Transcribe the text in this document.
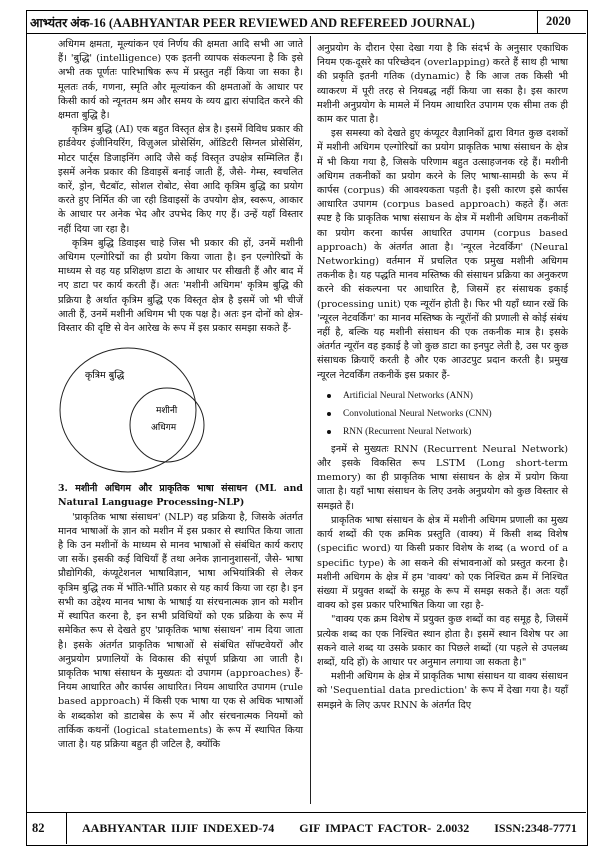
आभ्यंतर अंक-16 (AABHYANTAR PEER REVIEWED AND REFEREED JOURNAL)	2020

अधिगम क्षमता, मूल्यांकन एवं निर्णय की क्षमता आदि सभी आ जाते हैं। 'बुद्धि' (intelligence) एक इतनी व्यापक संकल्पना है कि इसे अभी तक पूर्णतः पारिभाषिक रूप में प्रस्तुत नहीं किया जा सका है। मूलतः तर्क, गणना, स्मृति और मूल्यांकन की क्षमताओं के आधार पर किसी कार्य को न्यूनतम श्रम और समय के व्यय द्वारा संपादित करने की क्षमता बुद्धि है।

कृत्रिम बुद्धि (AI) एक बहुत विस्तृत क्षेत्र है। इसमें विविध प्रकार की हार्डवेयर इंजीनियरिंग, विज़ुअल प्रोसेसिंग, ऑडिटरी सिग्नल प्रोसेसिंग, मोटर पार्ट्स डिजाइनिंग आदि जैसे कई विस्तृत उपक्षेत्र सम्मिलित हैं। इसमें अनेक प्रकार की डिवाइसें बनाई जाती हैं, जैसे- गेम्स, स्वचलित कारें, ड्रोन, चैटबॉट, सोशल रोबोट, सेवा आदि कृत्रिम बुद्धि का प्रयोग करते हुए निर्मित की जा रही डिवाइसों के उपयोग क्षेत्र, स्वरूप, आकार के आधार पर अनेक भेद और उपभेद किए गए हैं। उन्हें यहाँ विस्तार नहीं दिया जा रहा है।

कृत्रिम बुद्धि डिवाइस चाहे जिस भी प्रकार की हों, उनमें मशीनी अधिगम एल्गोरिद्मों का ही प्रयोग किया जाता है। इन एल्गोरिद्मों के माध्यम से वह यह प्रशिक्षण डाटा के आधार पर सीखती हैं और बाद में नए डाटा पर कार्य करती हैं। अतः 'मशीनी अधिगम' कृत्रिम बुद्धि की प्रक्रिया है अर्थात कृत्रिम बुद्धि एक विस्तृत क्षेत्र है इसमें जो भी चीजें आती हैं, उनमें मशीनी अधिगम भी एक पक्ष है। अतः इन दोनों को क्षेत्र-विस्तार की दृष्टि से वेन आरेख के रूप में इस प्रकार समझा सकते हैं-

कृत्रिम बुद्धि
मशीनी
अधिगम

3. मशीनी अधिगम और प्राकृतिक भाषा संसाधन (ML and Natural Language Processing-NLP)

'प्राकृतिक भाषा संसाधन' (NLP) वह प्रक्रिया है, जिसके अंतर्गत मानव भाषाओं के ज्ञान को मशीन में इस प्रकार से स्थापित किया जाता है कि उन मशीनों के माध्यम से मानव भाषाओं से संबंधित कार्य कराए जा सकें। इसकी कई विधियाँ हैं तथा अनेक ज्ञानानुशासनों, जैसे- भाषा प्रौद्योगिकी, कंप्यूटेशनल भाषाविज्ञान, भाषा अभियांत्रिकी से लेकर कृत्रिम बुद्धि तक में भाँति-भाँति प्रकार से यह कार्य किया जा रहा है। इन सभी का उद्देश्य मानव भाषा के भाषाई या संरचनात्मक ज्ञान को मशीन में स्थापित करना है, इन सभी प्रविधियों को एक प्रक्रिया के रूप में समेकित रूप से देखते हुए 'प्राकृतिक भाषा संसाधन' नाम दिया जाता है। इसके अंतर्गत प्राकृतिक भाषाओं से संबंधित सॉफ्टवेयरों और अनुप्रयोग प्रणालियों के विकास की संपूर्ण प्रक्रिया आ जाती है। प्राकृतिक भाषा संसाधन के मुख्यतः दो उपागम (approaches) हैं- नियम आधारित और कार्पस आधारित। नियम आधारित उपागम (rule based approach) में किसी एक भाषा या एक से अधिक भाषाओं के शब्दकोश को डाटाबेस के रूप में और संरचनात्मक नियमों को तार्किक कथनों (logical statements) के रूप में स्थापित किया जाता है। यह प्रक्रिया बहुत ही जटिल है, क्योंकि

अनुप्रयोग के दौरान ऐसा देखा गया है कि संदर्भ के अनुसार एकाधिक नियम एक-दूसरे का परिच्छेदन (overlapping) करते हैं साथ ही भाषा की प्रकृति इतनी गतिक (dynamic) है कि आज तक किसी भी व्याकरण में पूरी तरह से नियबद्ध नहीं किया जा सका है। इस कारण मशीनी अनुप्रयोग के मामले में नियम आधारित उपागम एक सीमा तक ही काम कर पाता है।

इस समस्या को देखते हुए कंप्यूटर वैज्ञानिकों द्वारा विगत कुछ दशकों में मशीनी अधिगम एल्गोरिद्मों का प्रयोग प्राकृतिक भाषा संसाधन के क्षेत्र में भी किया गया है, जिसके परिणाम बहुत उत्साहजनक रहे हैं। मशीनी अधिगम तकनीकों का प्रयोग करने के लिए भाषा-सामग्री के रूप में कार्पस (corpus) की आवश्यकता पड़ती है। इसी कारण इसे कार्पस आधारित उपागम (corpus based approach) कहते हैं। अतः स्पष्ट है कि प्राकृतिक भाषा संसाधन के क्षेत्र में मशीनी अधिगम तकनीकों का प्रयोग करना कार्पस आधारित उपागम (corpus based approach) के अंतर्गत आता है। 'न्यूरल नेटवर्किंग' (Neural Networking) वर्तमान में प्रचलित एक प्रमुख मशीनी अधिगम तकनीक है। यह पद्धति मानव मस्तिष्क की संसाधन प्रक्रिया का अनुकरण करने की संकल्पना पर आधारित है, जिसमें हर संसाधक इकाई (processing unit) एक न्यूरॉन होती है। फिर भी यहाँ ध्यान रखें कि 'न्यूरल नेटवर्किंग' का मानव मस्तिष्क के न्यूरॉनों की प्रणाली से कोई संबंध नहीं है, बल्कि यह मशीनी संसाधन की एक तकनीक मात्र है। इसके अंतर्गत न्यूरॉन वह इकाई है जो कुछ डाटा का इनपुट लेती है, उस पर कुछ संसाधक क्रियाएँ करती है और एक आउटपुट प्रदान करती है। प्रमुख न्यूरल नेटवर्किंग तकनीकें इस प्रकार हैं-

Artificial Neural Networks (ANN)
Convolutional Neural Networks (CNN)
RNN (Recurrent Neural Network)

इनमें से मुख्यतः RNN (Recurrent Neural Network) और इसके विकसित रूप LSTM (Long short-term memory) का ही प्राकृतिक भाषा संसाधन के क्षेत्र में प्रयोग किया जाता है। यहाँ भाषा संसाधन के लिए उनके अनुप्रयोग को कुछ विस्तार से समझते हैं।

प्राकृतिक भाषा संसाधन के क्षेत्र में मशीनी अधिगम प्रणाली का मुख्य कार्य शब्दों की एक क्रमिक प्रस्तुति (वाक्य) में किसी शब्द विशेष (specific word) या किसी प्रकार विशेष के शब्द (a word of a specific type) के आ सकने की संभावनाओं को प्रस्तुत करना है। मशीनी अधिगम के क्षेत्र में हम 'वाक्य' को एक निश्चित क्रम में निश्चित संख्या में प्रयुक्त शब्दों के समूह के रूप में समझ सकते हैं। अतः यहाँ वाक्य को इस प्रकार परिभाषित किया जा रहा है-

"वाक्य एक क्रम विशेष में प्रयुक्त कुछ शब्दों का वह समूह है, जिसमें प्रत्येक शब्द का एक निश्चित स्थान होता है। इसमें स्थान विशेष पर आ सकने वाले शब्द या उसके प्रकार का पिछले शब्दों (या पहले से उपलब्ध शब्दों, यदि हों) के आधार पर अनुमान लगाया जा सकता है।"

मशीनी अधिगम के क्षेत्र में प्राकृतिक भाषा संसाधन या वाक्य संसाधन को 'Sequential data prediction' के रूप में देखा गया है। यहाँ समझने के लिए ऊपर RNN के अंतर्गत दिए

82	AABHYANTAR IIJIF INDEXED-74 GIF IMPACT FACTOR- 2.0032 ISSN:2348-7771
